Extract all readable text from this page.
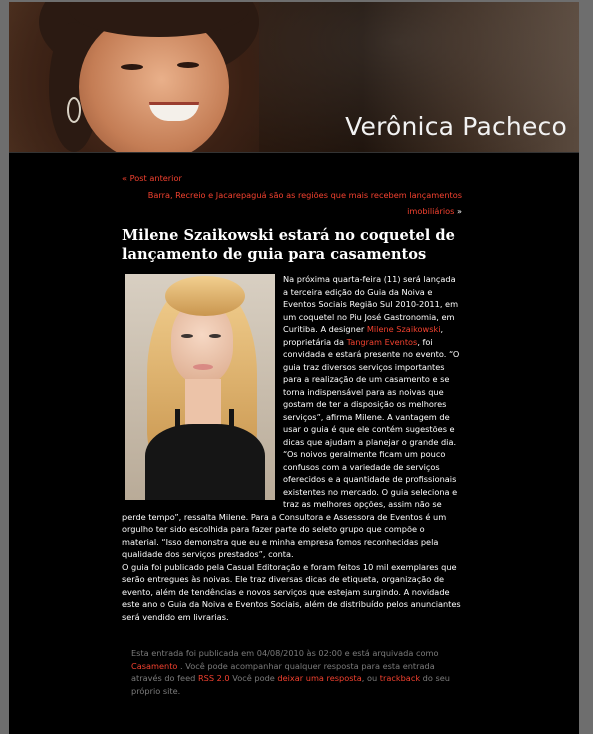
Verônica Pacheco
« Post anterior
Barra, Recreio e Jacarepaguá são as regiões que mais recebem lançamentos imobiliários »
Milene Szaikowski estará no coquetel de lançamento de guia para casamentos

Na próxima quarta-feira (11) será lançada a terceira edição do Guia da Noiva e Eventos Sociais Região Sul 2010-2011, em um coquetel no Piu José Gastronomia, em Curitiba. A designer Milene Szaikowski, proprietária da Tangram Eventos, foi convidada e estará presente no evento. “O guia traz diversos serviços importantes para a realização de um casamento e se torna indispensável para as noivas que gostam de ter a disposição os melhores serviços”, afirma Milene. A vantagem de usar o guia é que ele contém sugestões e dicas que ajudam a planejar o grande dia. “Os noivos geralmente ficam um pouco confusos com a variedade de serviços oferecidos e a quantidade de profissionais existentes no mercado. O guia seleciona e traz as melhores opções, assim não se perde tempo”, ressalta Milene. Para a Consultora e Assessora de Eventos é um orgulho ter sido escolhida para fazer parte do seleto grupo que compõe o material. “Isso demonstra que eu e minha empresa fomos reconhecidas pela qualidade dos serviços prestados”, conta.

O guia foi publicado pela Casual Editoração e foram feitos 10 mil exemplares que serão entregues às noivas. Ele traz diversas dicas de etiqueta, organização de evento, além de tendências e novos serviços que estejam surgindo. A novidade este ano o Guia da Noiva e Eventos Sociais, além de distribuído pelos anunciantes será vendido em livrarias.

Esta entrada foi publicada em 04/08/2010 às 02:00 e está arquivada como Casamento . Você pode acompanhar qualquer resposta para esta entrada através do feed RSS 2.0 Você pode deixar uma resposta, ou trackback do seu próprio site.
